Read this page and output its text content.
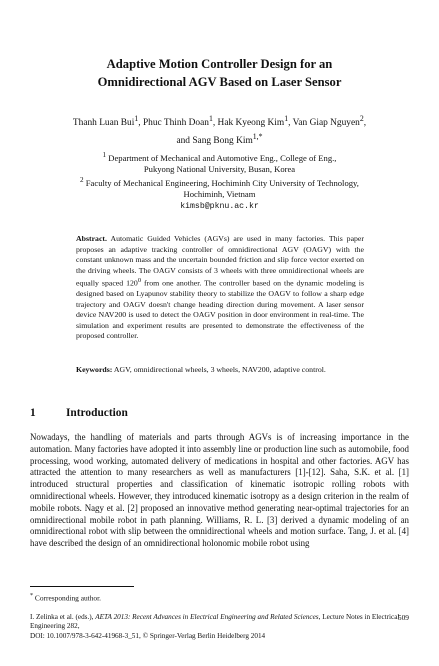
Adaptive Motion Controller Design for an
Omnidirectional AGV Based on Laser Sensor
Thanh Luan Bui$^1$, Phuc Thinh Doan$^1$, Hak Kyeong Kim$^1$, Van Giap Nguyen$^2$,
and Sang Bong Kim$^{1,*}$
$^1$ Department of Mechanical and Automotive Eng., College of Eng.,
Pukyong National University, Busan, Korea
$^2$ Faculty of Mechanical Engineering, Hochiminh City University of Technology,
Hochiminh, Vietnam
kimsb@pknu.ac.kr
Abstract. Automatic Guided Vehicles (AGVs) are used in many factories. This paper proposes an adaptive tracking controller of omnidirectional AGV (OAGV) with the constant unknown mass and the uncertain bounded friction and slip force vector exerted on the driving wheels. The OAGV consists of 3 wheels with three omnidirectional wheels are equally spaced $120^0$ from one another. The controller based on the dynamic modeling is designed based on Lyapunov stability theory to stabilize the OAGV to follow a sharp edge trajectory and OAGV doesn't change heading direction during movement. A laser sensor device NAV200 is used to detect the OAGV position in door environment in real-time. The simulation and experiment results are presented to demonstrate the effectiveness of the proposed controller.
Keywords: AGV, omnidirectional wheels, 3 wheels, NAV200, adaptive control.
1	Introduction
Nowadays, the handling of materials and parts through AGVs is of increasing importance in the automation. Many factories have adopted it into assembly line or production line such as automobile, food processing, wood working, automated delivery of medications in hospital and other factories. AGV has attracted the attention to many researchers as well as manufacturers [1]-[12]. Saha, S.K. et al. [1] introduced structural properties and classification of kinematic isotropic rolling robots with omnidirectional wheels. However, they introduced kinematic isotropy as a design criterion in the realm of mobile robots. Nagy et al. [2] proposed an innovative method generating near-optimal trajectories for an omnidirectional mobile robot in path planning. Williams, R. L. [3] derived a dynamic modeling of an omnidirectional robot with slip between the omnidirectional wheels and motion surface. Tang, J. et al. [4] have described the design of an omnidirectional holonomic mobile robot using
* Corresponding author.
I. Zelinka et al. (eds.), AETA 2013: Recent Advances in Electrical Engineering and Related Sciences, Lecture Notes in Electrical Engineering 282,
DOI: 10.1007/978-3-642-41968-3_51, © Springer-Verlag Berlin Heidelberg 2014
509
